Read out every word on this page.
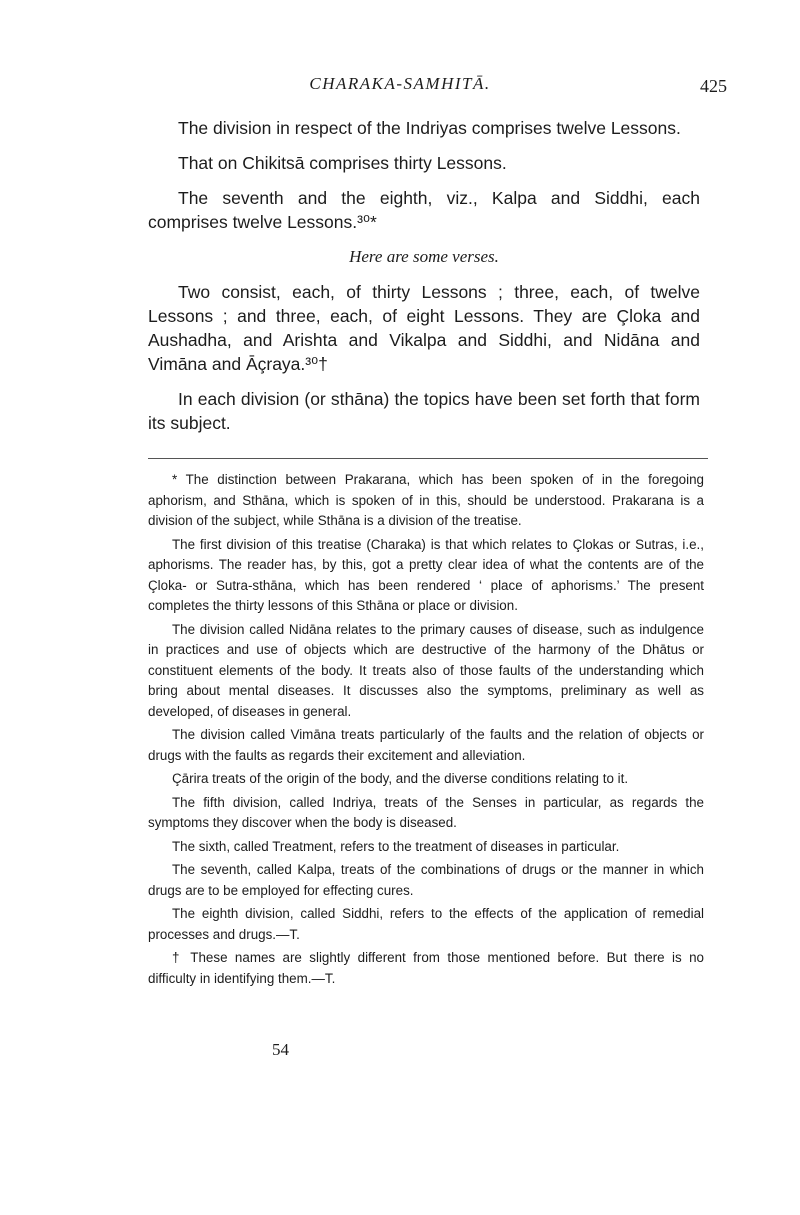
CHARAKA-SAMHITĀ.	425

The division in respect of the Indriyas comprises twelve Lessons.

That on Chikitsā comprises thirty Lessons.

The seventh and the eighth, viz., Kalpa and Siddhi, each comprises twelve Lessons.³⁰*

Here are some verses.

Two consist, each, of thirty Lessons ; three, each, of twelve Lessons ; and three, each, of eight Lessons. They are Çloka and Aushadha, and Arishta and Vikalpa and Siddhi, and Nidāna and Vimāna and Āçraya.³⁰†

In each division (or sthāna) the topics have been set forth that form its subject.

* The distinction between Prakarana, which has been spoken of in the foregoing aphorism, and Sthāna, which is spoken of in this, should be understood. Prakarana is a division of the subject, while Sthāna is a division of the treatise.

The first division of this treatise (Charaka) is that which relates to Çlokas or Sutras, i.e., aphorisms. The reader has, by this, got a pretty clear idea of what the contents are of the Çloka- or Sutra-sthāna, which has been rendered ‘ place of aphorisms.’ The present completes the thirty lessons of this Sthāna or place or division.

The division called Nidāna relates to the primary causes of disease, such as indulgence in practices and use of objects which are destructive of the harmony of the Dhātus or constituent elements of the body. It treats also of those faults of the understanding which bring about mental diseases. It discusses also the symptoms, preliminary as well as developed, of diseases in general.

The division called Vimāna treats particularly of the faults and the relation of objects or drugs with the faults as regards their excitement and alleviation.

Çārira treats of the origin of the body, and the diverse conditions relating to it.

The fifth division, called Indriya, treats of the Senses in particular, as regards the symptoms they discover when the body is diseased.

The sixth, called Treatment, refers to the treatment of diseases in particular.

The seventh, called Kalpa, treats of the combinations of drugs or the manner in which drugs are to be employed for effecting cures.

The eighth division, called Siddhi, refers to the effects of the application of remedial processes and drugs.—T.

† These names are slightly different from those mentioned before. But there is no difficulty in identifying them.—T.

54
